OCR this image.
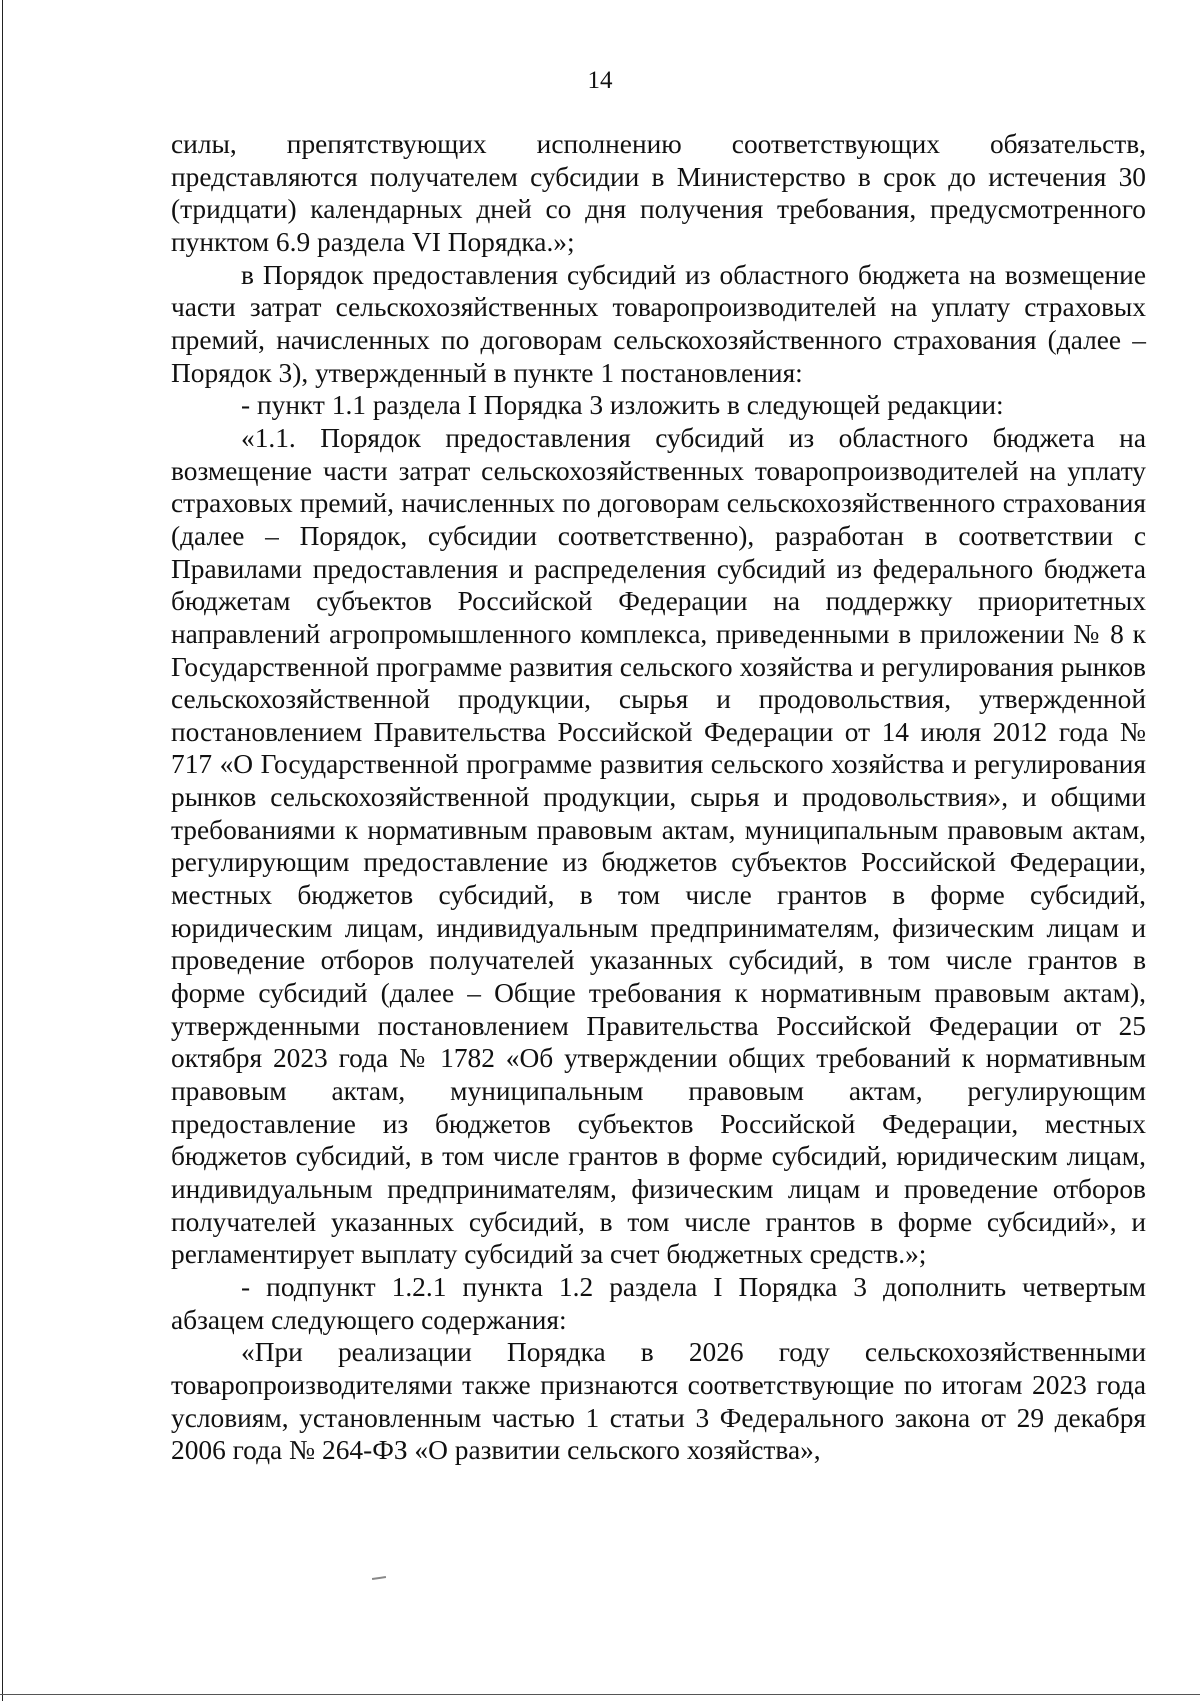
14

силы, препятствующих исполнению соответствующих обязательств, представляются получателем субсидии в Министерство в срок до истечения 30 (тридцати) календарных дней со дня получения требования, предусмотренного пунктом 6.9 раздела VI Порядка.»;

в Порядок предоставления субсидий из областного бюджета на возмещение части затрат сельскохозяйственных товаропроизводителей на уплату страховых премий, начисленных по договорам сельскохозяйственного страхования (далее – Порядок 3), утвержденный в пункте 1 постановления:

- пункт 1.1 раздела I Порядка 3 изложить в следующей редакции:

«1.1. Порядок предоставления субсидий из областного бюджета на возмещение части затрат сельскохозяйственных товаропроизводителей на уплату страховых премий, начисленных по договорам сельскохозяйственного страхования (далее – Порядок, субсидии соответственно), разработан в соответствии с Правилами предоставления и распределения субсидий из федерального бюджета бюджетам субъектов Российской Федерации на поддержку приоритетных направлений агропромышленного комплекса, приведенными в приложении № 8 к Государственной программе развития сельского хозяйства и регулирования рынков сельскохозяйственной продукции, сырья и продовольствия, утвержденной постановлением Правительства Российской Федерации от 14 июля 2012 года № 717 «О Государственной программе развития сельского хозяйства и регулирования рынков сельскохозяйственной продукции, сырья и продовольствия», и общими требованиями к нормативным правовым актам, муниципальным правовым актам, регулирующим предоставление из бюджетов субъектов Российской Федерации, местных бюджетов субсидий, в том числе грантов в форме субсидий, юридическим лицам, индивидуальным предпринимателям, физическим лицам и проведение отборов получателей указанных субсидий, в том числе грантов в форме субсидий (далее – Общие требования к нормативным правовым актам), утвержденными постановлением Правительства Российской Федерации от 25 октября 2023 года № 1782 «Об утверждении общих требований к нормативным правовым актам, муниципальным правовым актам, регулирующим предоставление из бюджетов субъектов Российской Федерации, местных бюджетов субсидий, в том числе грантов в форме субсидий, юридическим лицам, индивидуальным предпринимателям, физическим лицам и проведение отборов получателей указанных субсидий, в том числе грантов в форме субсидий», и регламентирует выплату субсидий за счет бюджетных средств.»;

- подпункт 1.2.1 пункта 1.2 раздела I Порядка 3 дополнить четвертым абзацем следующего содержания:

«При реализации Порядка в 2026 году сельскохозяйственными товаропроизводителями также признаются соответствующие по итогам 2023 года условиям, установленным частью 1 статьи 3 Федерального закона от 29 декабря 2006 года № 264-ФЗ «О развитии сельского хозяйства»,
